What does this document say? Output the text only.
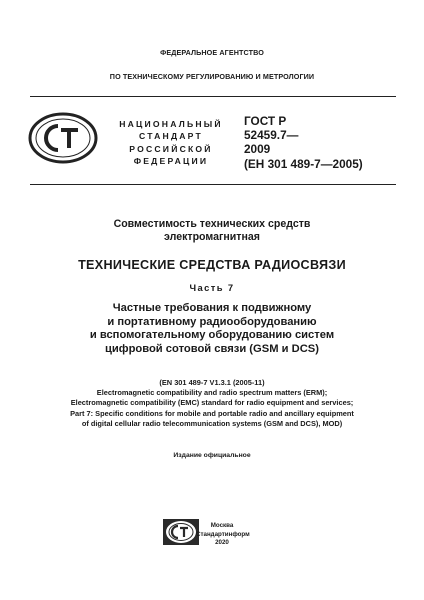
ФЕДЕРАЛЬНОЕ АГЕНТСТВО
ПО ТЕХНИЧЕСКОМУ РЕГУЛИРОВАНИЮ И МЕТРОЛОГИИ
НАЦИОНАЛЬНЫЙ
СТАНДАРТ
РОССИЙСКОЙ
ФЕДЕРАЦИИ
ГОСТ Р
52459.7—
2009
(ЕН 301 489-7—2005)
Совместимость технических средств
электромагнитная
ТЕХНИЧЕСКИЕ СРЕДСТВА РАДИОСВЯЗИ
Часть 7
Частные требования к подвижному
и портативному радиооборудованию
и вспомогательному оборудованию систем
цифровой сотовой связи (GSM и DCS)
(EN 301 489-7 V1.3.1 (2005-11)
Electromagnetic compatibility and radio spectrum matters (ERM);
Electromagnetic compatibility (EMC) standard for radio equipment and services;
Part 7: Specific conditions for mobile and portable radio and ancillary equipment
of digital cellular radio telecommunication systems (GSM and DCS), MOD)
Издание официальное
Москва
Стандартинформ
2020
